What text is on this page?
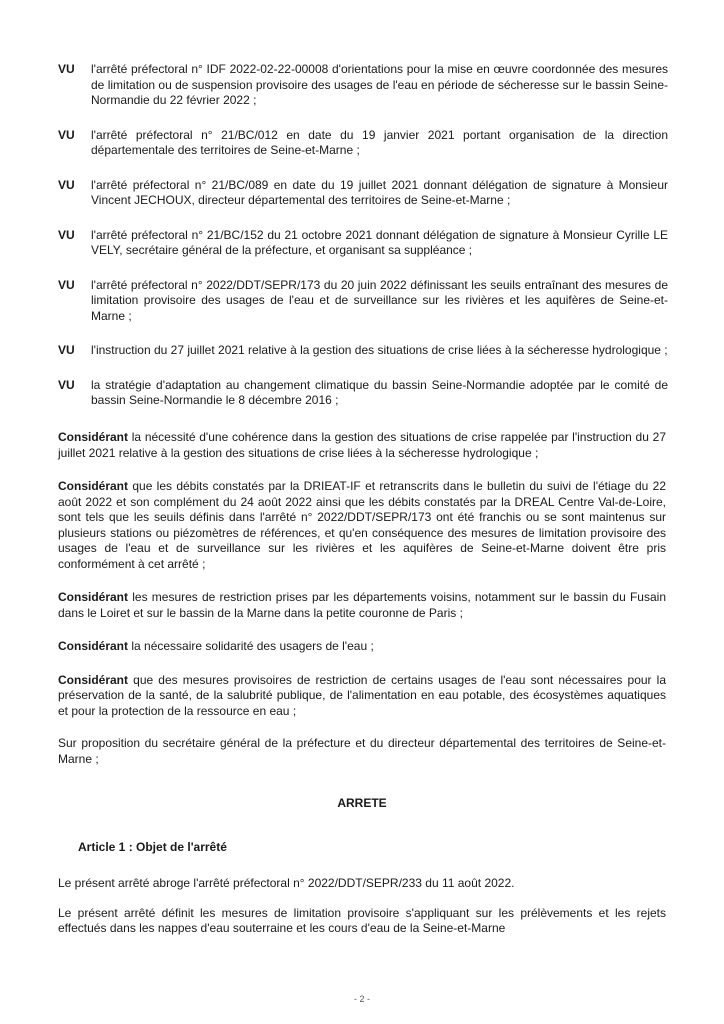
VU	l'arrêté préfectoral n° IDF 2022-02-22-00008 d'orientations pour la mise en œuvre coordonnée des mesures de limitation ou de suspension provisoire des usages de l'eau en période de sécheresse sur le bassin Seine-Normandie du 22 février 2022 ;
VU	l'arrêté préfectoral n° 21/BC/012 en date du 19 janvier 2021 portant organisation de la direction départementale des territoires de Seine-et-Marne ;
VU	l'arrêté préfectoral n° 21/BC/089 en date du 19 juillet 2021 donnant délégation de signature à Monsieur Vincent JECHOUX, directeur départemental des territoires de Seine-et-Marne ;
VU	l'arrêté préfectoral n° 21/BC/152 du 21 octobre 2021 donnant délégation de signature à Monsieur Cyrille LE VELY, secrétaire général de la préfecture, et organisant sa suppléance ;
VU	l'arrêté préfectoral n° 2022/DDT/SEPR/173 du 20 juin 2022 définissant les seuils entraînant des mesures de limitation provisoire des usages de l'eau et de surveillance sur les rivières et les aquifères de Seine-et-Marne ;
VU	l'instruction du 27 juillet 2021 relative à la gestion des situations de crise liées à la sécheresse hydrologique ;
VU	la stratégie d'adaptation au changement climatique du bassin Seine-Normandie adoptée par le comité de bassin Seine-Normandie le 8 décembre 2016 ;
Considérant la nécessité d'une cohérence dans la gestion des situations de crise rappelée par l'instruction du 27 juillet 2021 relative à la gestion des situations de crise liées à la sécheresse hydrologique ;
Considérant que les débits constatés par la DRIEAT-IF et retranscrits dans le bulletin du suivi de l'étiage du 22 août 2022 et son complément du 24 août 2022 ainsi que les débits constatés par la DREAL Centre Val-de-Loire, sont tels que les seuils définis dans l'arrêté n° 2022/DDT/SEPR/173 ont été franchis ou se sont maintenus sur plusieurs stations ou piézomètres de références, et qu'en conséquence des mesures de limitation provisoire des usages de l'eau et de surveillance sur les rivières et les aquifères de Seine-et-Marne doivent être pris conformément à cet arrêté ;
Considérant les mesures de restriction prises par les départements voisins, notamment sur le bassin du Fusain dans le Loiret et sur le bassin de la Marne dans la petite couronne de Paris ;
Considérant la nécessaire solidarité des usagers de l'eau ;
Considérant que des mesures provisoires de restriction de certains usages de l'eau sont nécessaires pour la préservation de la santé, de la salubrité publique, de l'alimentation en eau potable, des écosystèmes aquatiques et pour la protection de la ressource en eau ;
Sur proposition du secrétaire général de la préfecture et du directeur départemental des territoires de Seine-et-Marne ;
ARRETE
Article 1 : Objet de l'arrêté
Le présent arrêté abroge l'arrêté préfectoral n° 2022/DDT/SEPR/233 du 11 août 2022.
Le présent arrêté définit les mesures de limitation provisoire s'appliquant sur les prélèvements et les rejets effectués dans les nappes d'eau souterraine et les cours d'eau de la Seine-et-Marne
- 2 -
